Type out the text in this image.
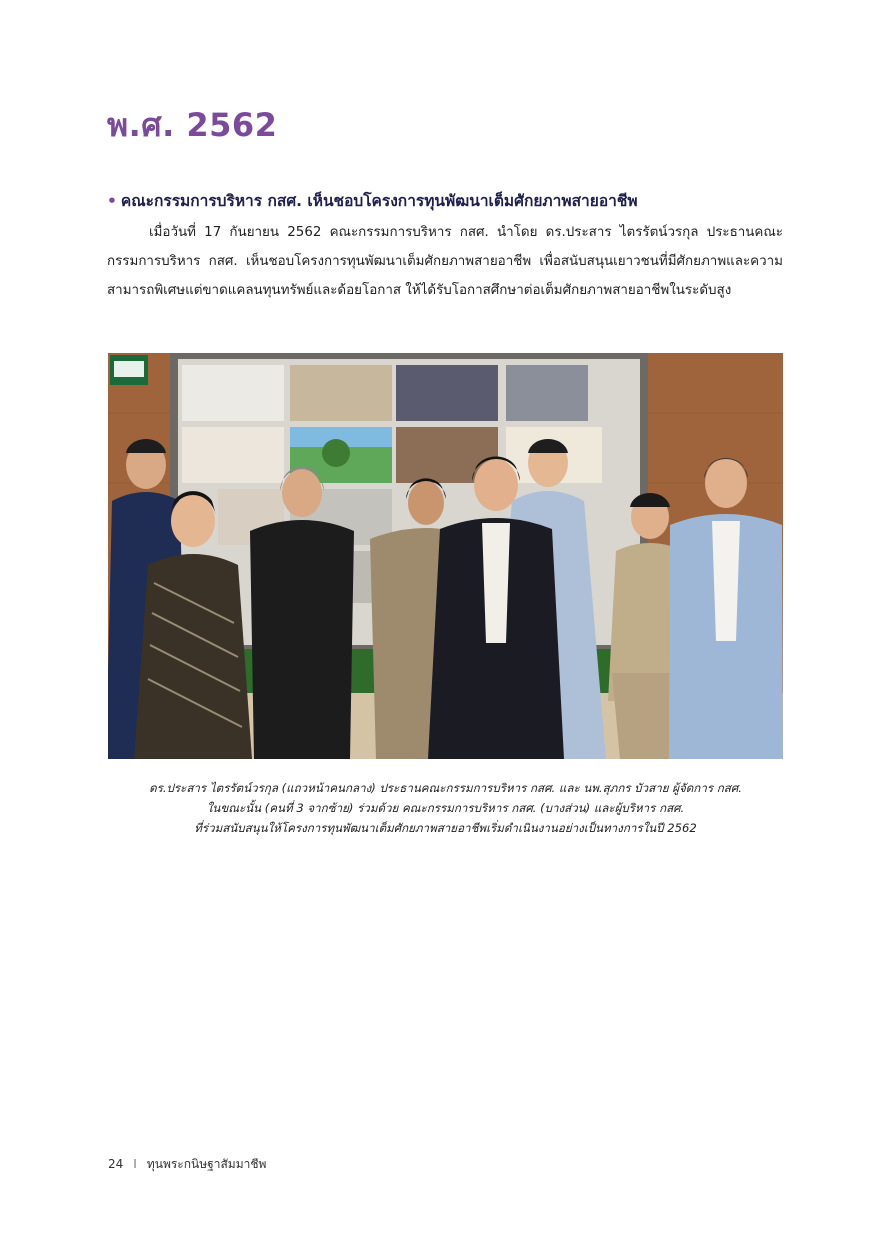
พ.ศ. 2562
• คณะกรรมการบริหาร กสศ. เห็นชอบโครงการทุนพัฒนาเต็มศักยภาพสายอาชีพ
เมื่อวันที่ 17 กันยายน 2562 คณะกรรมการบริหาร กสศ. นำโดย ดร.ประสาร ไตรรัตน์วรกุล ประธานคณะกรรมการบริหาร กสศ. เห็นชอบโครงการทุนพัฒนาเต็มศักยภาพสายอาชีพ เพื่อสนับสนุนเยาวชนที่มีศักยภาพและความสามารถพิเศษแต่ขาดแคลนทุนทรัพย์และด้อยโอกาส ให้ได้รับโอกาสศึกษาต่อเต็มศักยภาพสายอาชีพในระดับสูง
ดร.ประสาร ไตรรัตน์วรกุล (แถวหน้าคนกลาง) ประธานคณะกรรมการบริหาร กสศ. และ นพ.สุภกร บัวสาย ผู้จัดการ กสศ.
ในขณะนั้น (คนที่ 3 จากซ้าย) ร่วมด้วย คณะกรรมการบริหาร กสศ. (บางส่วน) และผู้บริหาร กสศ.
ที่ร่วมสนับสนุนให้โครงการทุนพัฒนาเต็มศักยภาพสายอาชีพเริ่มดำเนินงานอย่างเป็นทางการในปี 2562
24 I ทุนพระกนิษฐาสัมมาชีพ
